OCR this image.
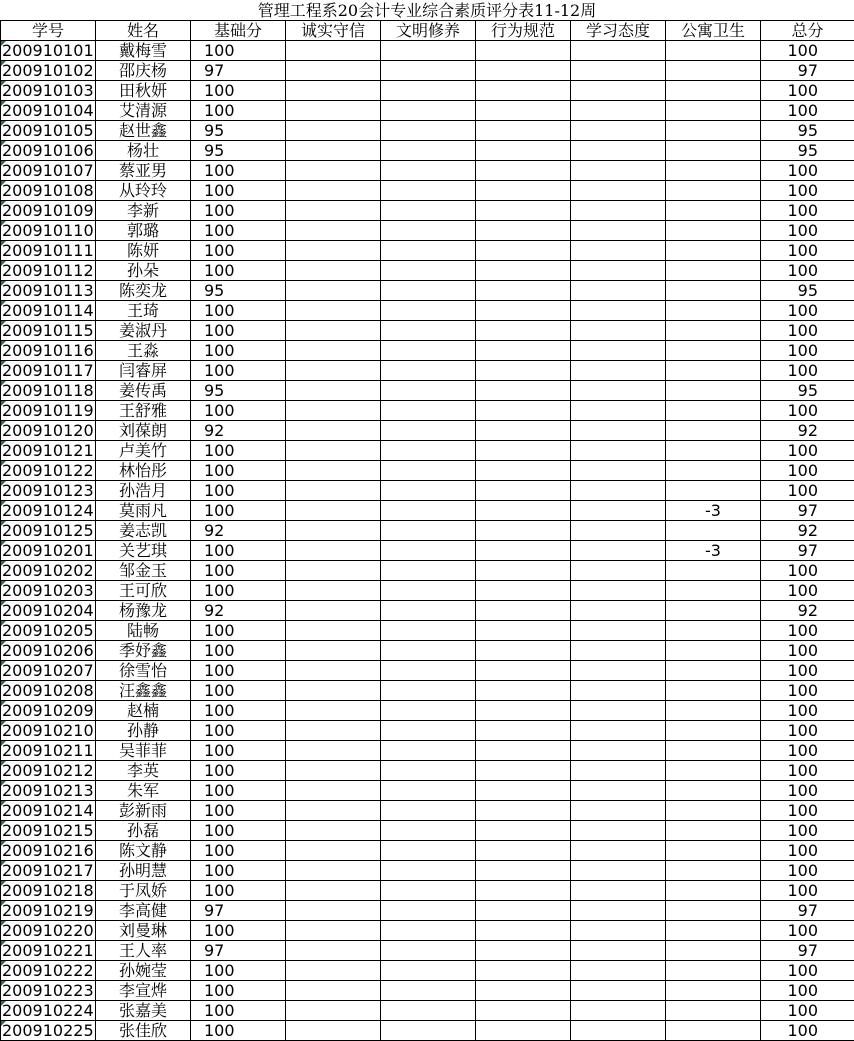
管理工程系20会计专业综合素质评分表11-12周
学号	姓名	基础分	诚实守信	文明修养	行为规范	学习态度	公寓卫生	总分
200910101	戴梅雪	100						100
200910102	邵庆杨	97						97
200910103	田秋妍	100						100
200910104	艾清源	100						100
200910105	赵世鑫	95						95
200910106	杨壮	95						95
200910107	蔡亚男	100						100
200910108	从玲玲	100						100
200910109	李新	100						100
200910110	郭璐	100						100
200910111	陈妍	100						100
200910112	孙朵	100						100
200910113	陈奕龙	95						95
200910114	王琦	100						100
200910115	姜淑丹	100						100
200910116	王淼	100						100
200910117	闫睿屏	100						100
200910118	姜传禹	95						95
200910119	王舒雅	100						100
200910120	刘葆朗	92						92
200910121	卢美竹	100						100
200910122	林怡彤	100						100
200910123	孙浩月	100						100
200910124	莫雨凡	100					-3	97
200910125	姜志凯	92						92
200910201	关艺琪	100					-3	97
200910202	邹金玉	100						100
200910203	王可欣	100						100
200910204	杨豫龙	92						92
200910205	陆畅	100						100
200910206	季妤鑫	100						100
200910207	徐雪怡	100						100
200910208	汪鑫鑫	100						100
200910209	赵楠	100						100
200910210	孙静	100						100
200910211	吴菲菲	100						100
200910212	李英	100						100
200910213	朱军	100						100
200910214	彭新雨	100						100
200910215	孙磊	100						100
200910216	陈文静	100						100
200910217	孙明慧	100						100
200910218	于凤娇	100						100
200910219	李高健	97						97
200910220	刘曼琳	100						100
200910221	王人率	97						97
200910222	孙婉莹	100						100
200910223	李宣烨	100						100
200910224	张嘉美	100						100
200910225	张佳欣	100						100
